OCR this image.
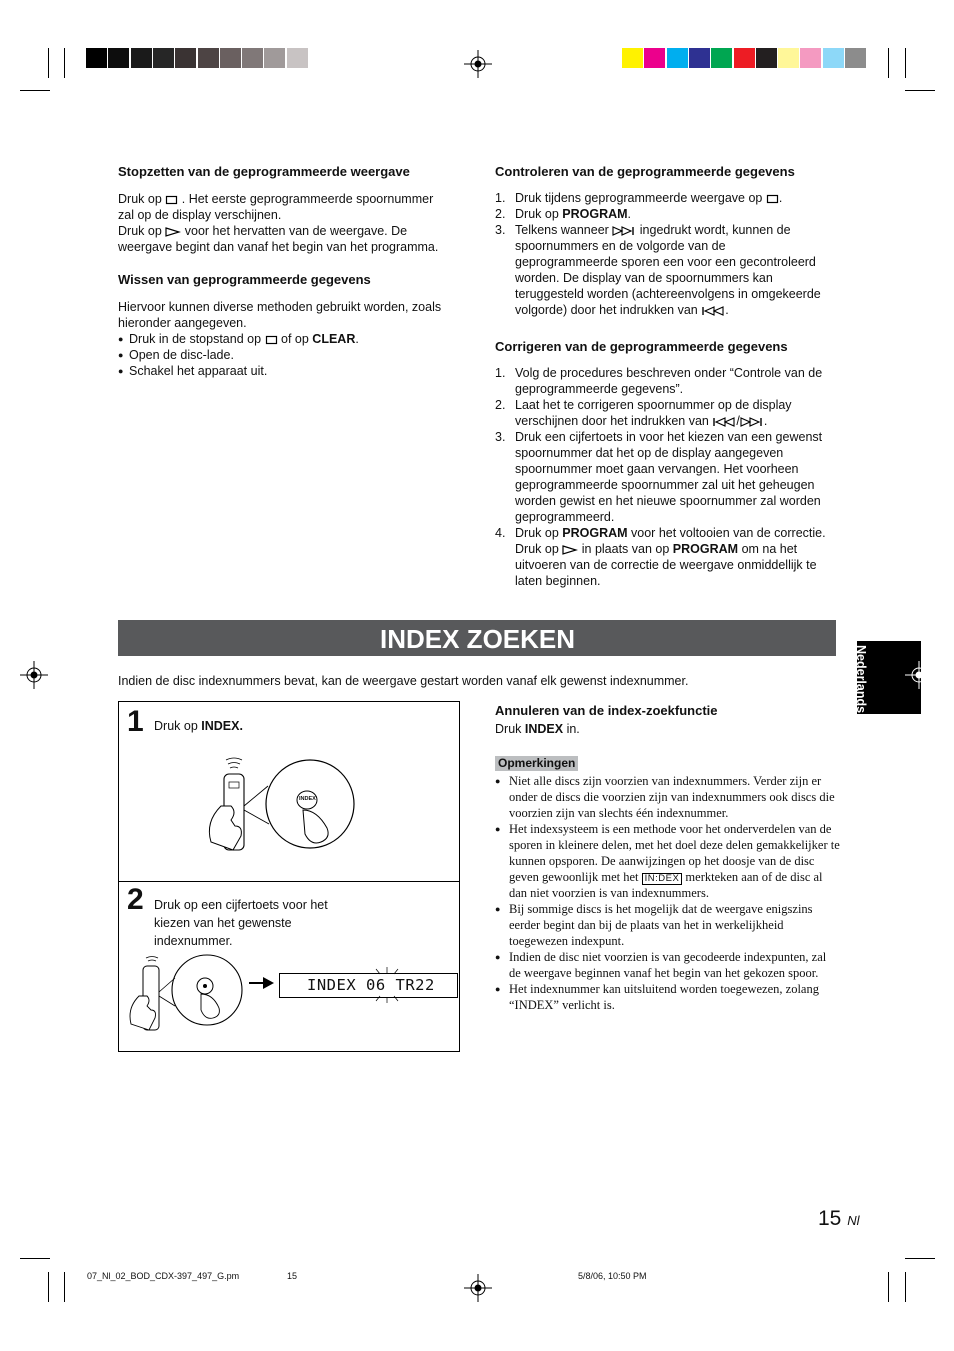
Stopzetten van de geprogrammeerde weergave
Druk op . Het eerste geprogrammeerde spoornummer
zal op de display verschijnen.
Druk op voor het hervatten van de weergave. De
weergave begint dan vanaf het begin van het programma.
Wissen van geprogrammeerde gegevens
Hiervoor kunnen diverse methoden gebruikt worden, zoals
hieronder aangegeven.
● Druk in de stopstand op of op CLEAR.
● Open de disc-lade.
● Schakel het apparaat uit.
Controleren van de geprogrammeerde gegevens
1. Druk tijdens geprogrammeerde weergave op .
2. Druk op PROGRAM.
3. Telkens wanneer ingedrukt wordt, kunnen de
spoornummers en de volgorde van de
geprogrammeerde sporen een voor een gecontroleerd
worden. De display van de spoornummers kan
teruggesteld worden (achtereenvolgens in omgekeerde
volgorde) door het indrukken van .
Corrigeren van de geprogrammeerde gegevens
1. Volg de procedures beschreven onder “Controle van de
geprogrammeerde gegevens”.
2. Laat het te corrigeren spoornummer op de display
verschijnen door het indrukken van / .
3. Druk een cijfertoets in voor het kiezen van een gewenst
spoornummer dat het op de display aangegeven
spoornummer moet gaan vervangen. Het voorheen
geprogrammeerde spoornummer zal uit het geheugen
worden gewist en het nieuwe spoornummer zal worden
geprogrammeerd.
4. Druk op PROGRAM voor het voltooien van de correctie.
Druk op in plaats van op PROGRAM om na het
uitvoeren van de correctie de weergave onmiddellijk te
laten beginnen.
INDEX ZOEKEN
Nederlands
Indien de disc indexnummers bevat, kan de weergave gestart worden vanaf elk gewenst indexnummer.
1 Druk op INDEX.
INDEX
2 Druk op een cijfertoets voor het
kiezen van het gewenste
indexnummer.
INDEX 06 TR22
Annuleren van de index-zoekfunctie
Druk INDEX in.
Opmerkingen
● Niet alle discs zijn voorzien van indexnummers. Verder zijn er onder de discs die voorzien zijn van indexnummers ook discs die voorzien zijn van slechts één indexnummer.
● Het indexsysteem is een methode voor het onderverdelen van de sporen in kleinere delen, met het doel deze delen gemakkelijker te kunnen opsporen. De aanwijzingen op het doosje van de disc geven gewoonlijk met het IN:DEX merkteken aan of de disc al dan niet voorzien is van indexnummers.
● Bij sommige discs is het mogelijk dat de weergave enigszins eerder begint dan bij de plaats van het in werkelijkheid toegewezen indexpunt.
● Indien de disc niet voorzien is van gecodeerde indexpunten, zal de weergave beginnen vanaf het begin van het gekozen spoor.
● Het indexnummer kan uitsluitend worden toegewezen, zolang “INDEX” verlicht is.
15 Nl
07_Nl_02_BOD_CDX-397_497_G.pm	15	5/8/06, 10:50 PM
